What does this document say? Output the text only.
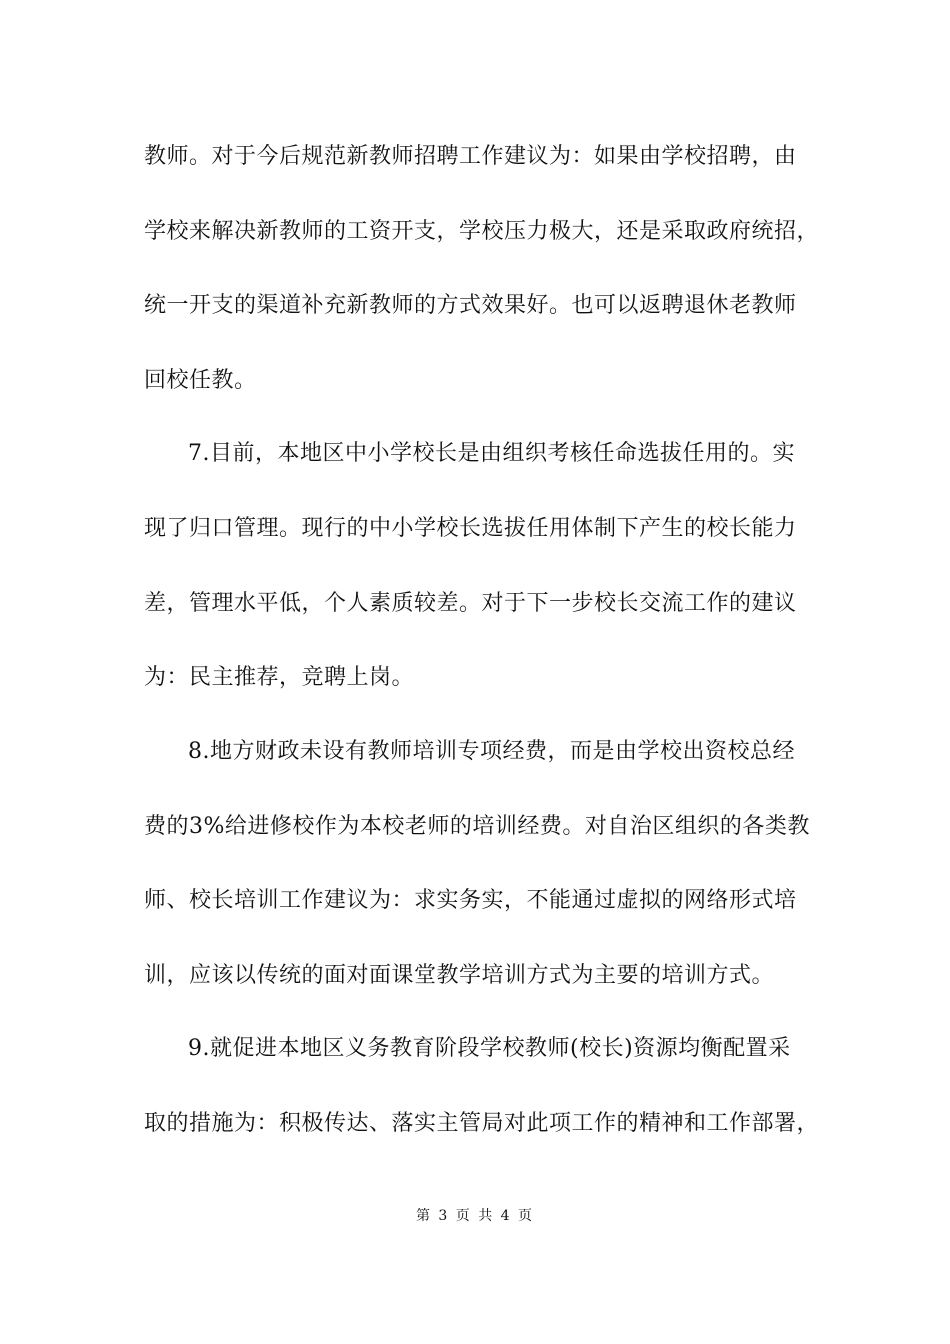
教师。对于今后规范新教师招聘工作建议为：如果由学校招聘，由
学校来解决新教师的工资开支，学校压力极大，还是采取政府统招，
统一开支的渠道补充新教师的方式效果好。也可以返聘退休老教师
回校任教。
7.目前，本地区中小学校长是由组织考核任命选拔任用的。实
现了归口管理。现行的中小学校长选拔任用体制下产生的校长能力
差，管理水平低，个人素质较差。对于下一步校长交流工作的建议
为：民主推荐，竞聘上岗。
8.地方财政未设有教师培训专项经费，而是由学校出资校总经
费的3%给进修校作为本校老师的培训经费。对自治区组织的各类教
师、校长培训工作建议为：求实务实，不能通过虚拟的网络形式培
训，应该以传统的面对面课堂教学培训方式为主要的培训方式。
9.就促进本地区义务教育阶段学校教师(校长)资源均衡配置采
取的措施为：积极传达、落实主管局对此项工作的精神和工作部署，
第 3 页 共 4 页
